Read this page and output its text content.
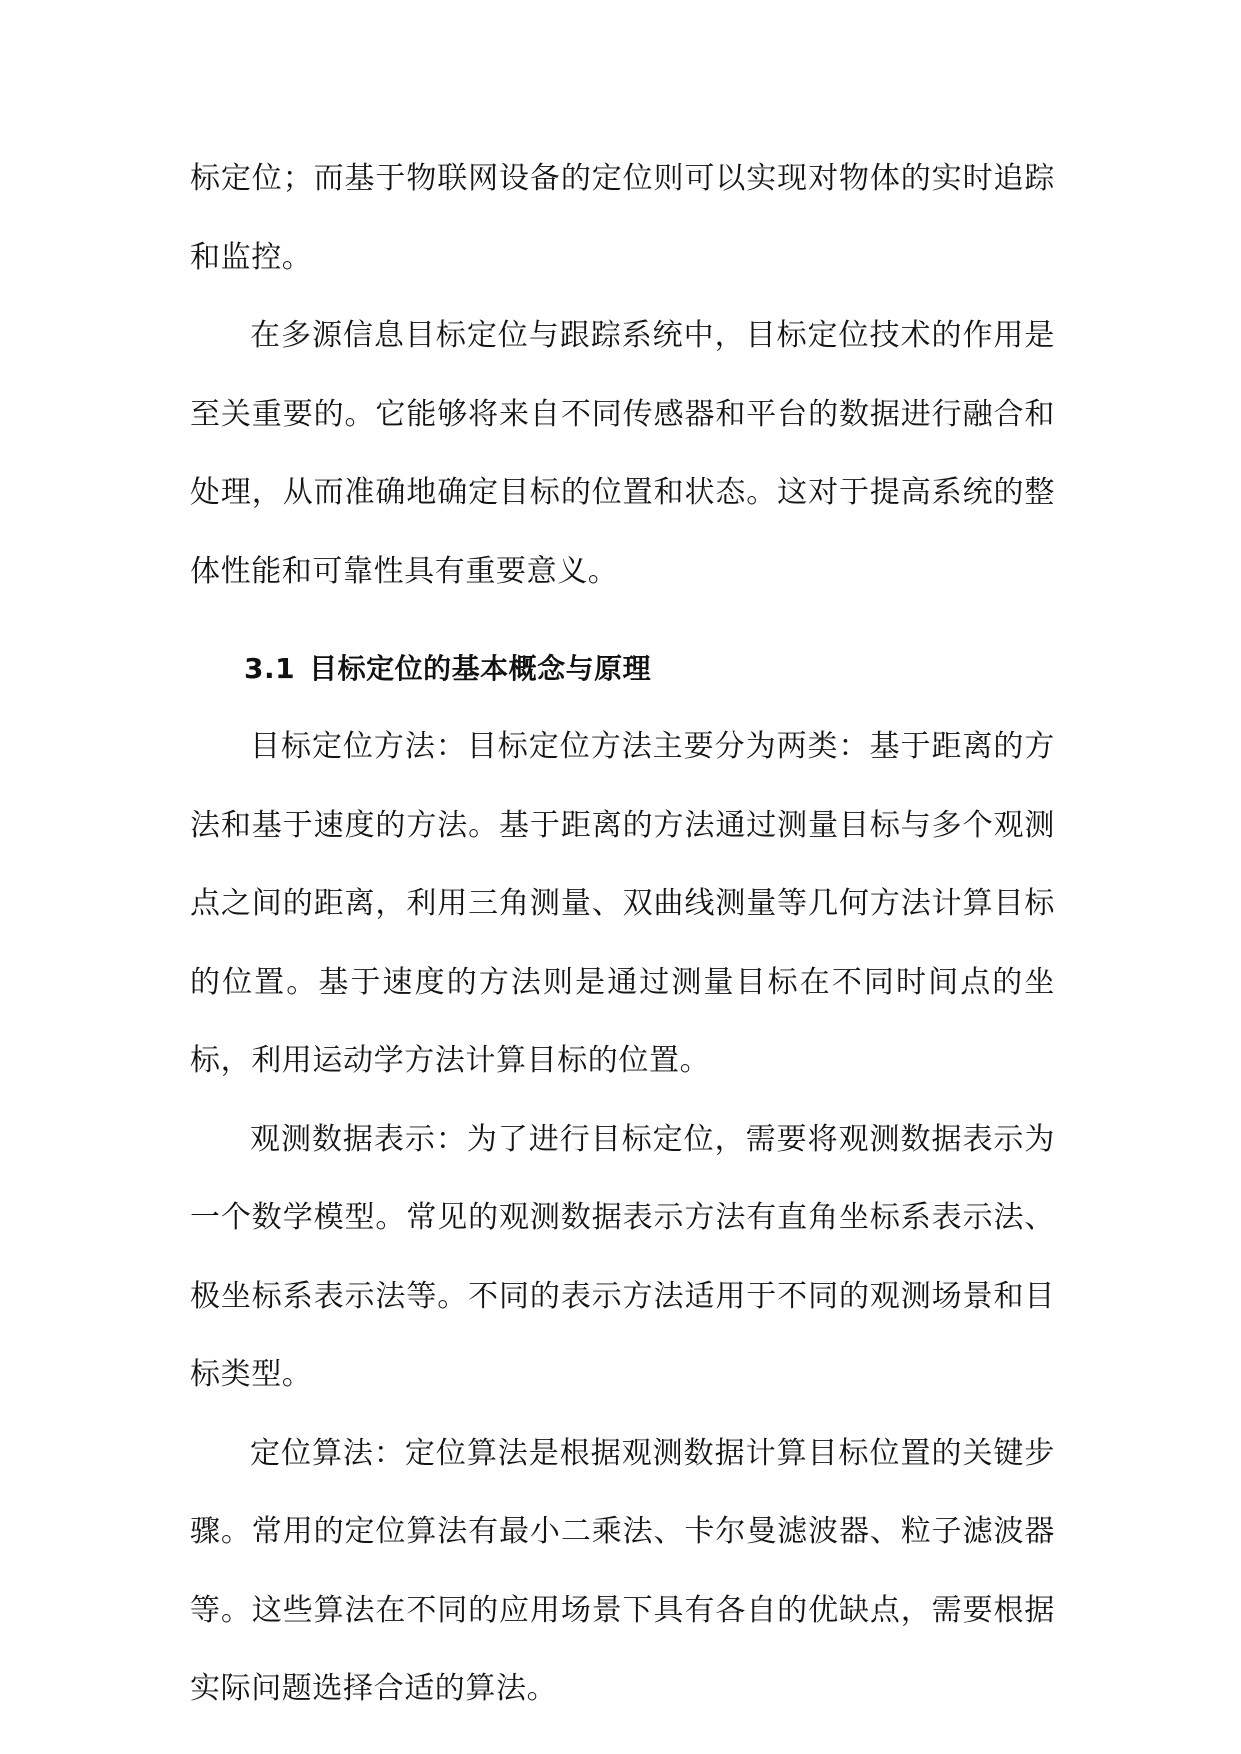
标定位；而基于物联网设备的定位则可以实现对物体的实时追踪和监控。

在多源信息目标定位与跟踪系统中，目标定位技术的作用是至关重要的。它能够将来自不同传感器和平台的数据进行融合和处理，从而准确地确定目标的位置和状态。这对于提高系统的整体性能和可靠性具有重要意义。

3.1 目标定位的基本概念与原理

目标定位方法：目标定位方法主要分为两类：基于距离的方法和基于速度的方法。基于距离的方法通过测量目标与多个观测点之间的距离，利用三角测量、双曲线测量等几何方法计算目标的位置。基于速度的方法则是通过测量目标在不同时间点的坐标，利用运动学方法计算目标的位置。

观测数据表示：为了进行目标定位，需要将观测数据表示为一个数学模型。常见的观测数据表示方法有直角坐标系表示法、极坐标系表示法等。不同的表示方法适用于不同的观测场景和目标类型。

定位算法：定位算法是根据观测数据计算目标位置的关键步骤。常用的定位算法有最小二乘法、卡尔曼滤波器、粒子滤波器等。这些算法在不同的应用场景下具有各自的优缺点，需要根据实际问题选择合适的算法。
